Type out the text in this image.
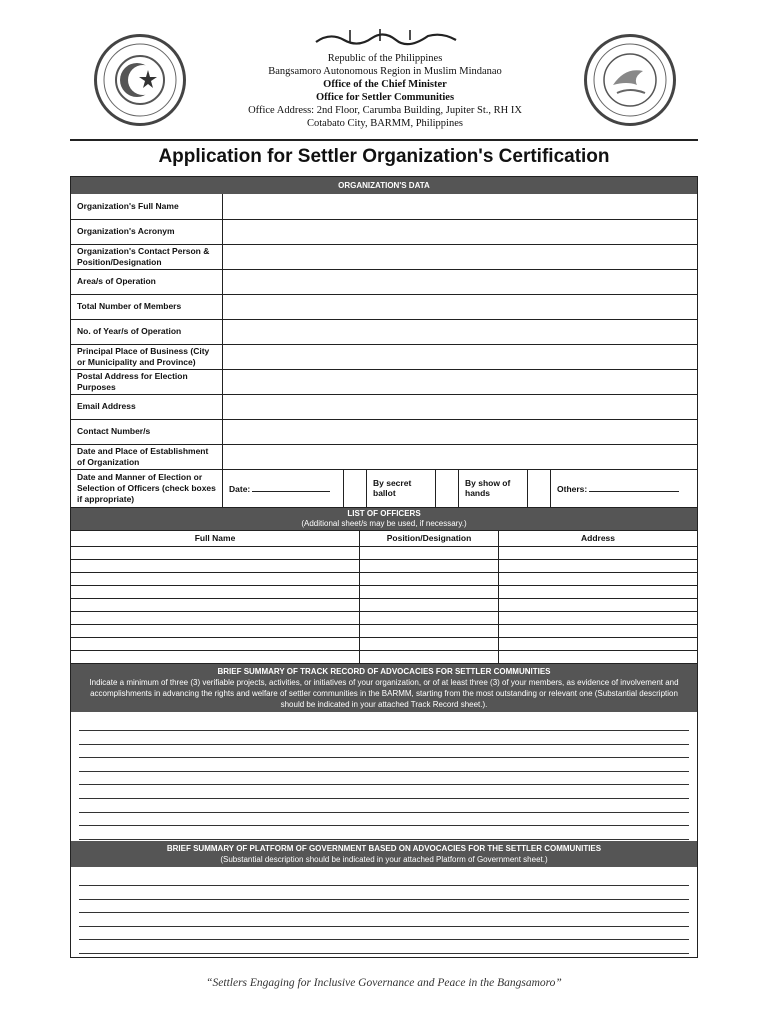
Republic of the Philippines
Bangsamoro Autonomous Region in Muslim Mindanao
Office of the Chief Minister
Office for Settler Communities
Office Address: 2nd Floor, Carumba Building, Jupiter St., RH IX
Cotabato City, BARMM, Philippines
Application for Settler Organization's Certification
ORGANIZATION'S DATA
Organization's Full Name							
Organization's Acronym							
Organization's Contact Person & Position/Designation							
Area/s of Operation							
Total Number of Members							
No. of Year/s of Operation							
Principal Place of Business (City or Municipality and Province)							
Postal Address for Election Purposes							
Email Address							
Contact Number/s							
Date and Place of Establishment of Organization							
Date and Manner of Election or Selection of Officers (check boxes if appropriate)	Date:		By secret ballot		By show of hands		Others:
LIST OF OFFICERS
(Additional sheet/s may be used, if necessary.)
Full Name	Position/Designation	Address

BRIEF SUMMARY OF TRACK RECORD OF ADVOCACIES FOR SETTLER COMMUNITIES
Indicate a minimum of three (3) verifiable projects, activities, or initiatives of your organization, or of at least three (3) of your members, as evidence of involvement and accomplishments in advancing the rights and welfare of settler communities in the BARMM, starting from the most outstanding or relevant one (Substantial description should be indicated in your attached Track Record sheet.).
BRIEF SUMMARY OF PLATFORM OF GOVERNMENT BASED ON ADVOCACIES FOR THE SETTLER COMMUNITIES
(Substantial description should be indicated in your attached Platform of Government sheet.)
“Settlers Engaging for Inclusive Governance and Peace in the Bangsamoro”
